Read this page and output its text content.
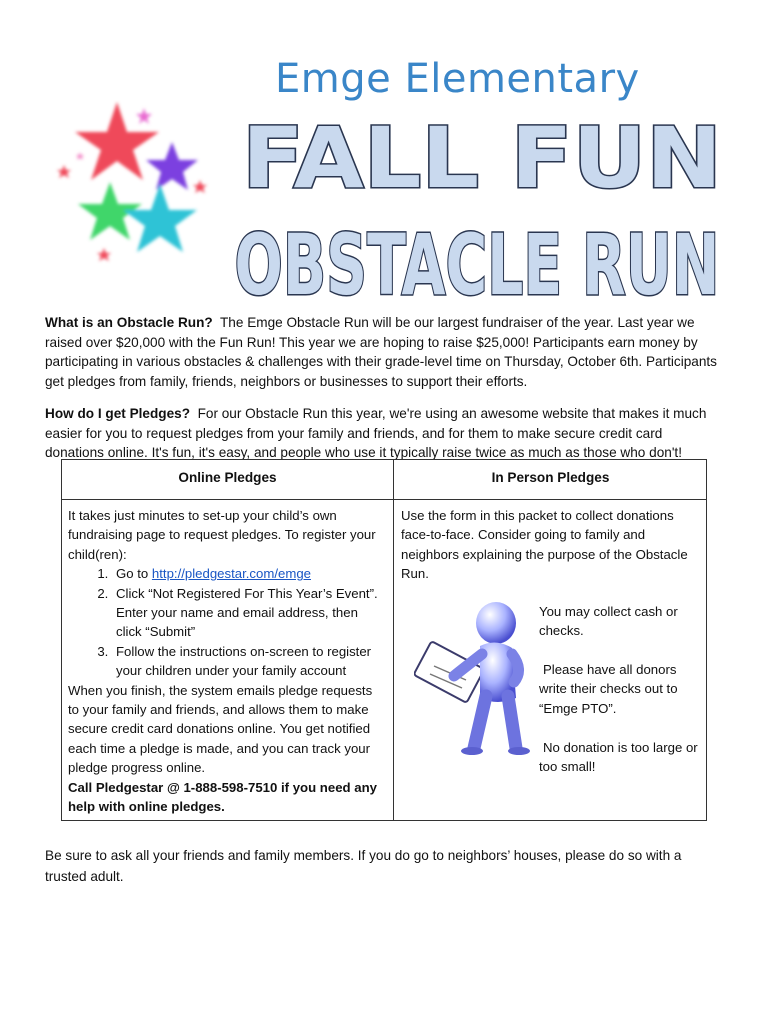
Emge Elementary
FALL FUN
OBSTACLE RUN
What is an Obstacle Run? The Emge Obstacle Run will be our largest fundraiser of the year. Last year we raised over $20,000 with the Fun Run! This year we are hoping to raise $25,000! Participants earn money by participating in various obstacles & challenges with their grade-level time on Thursday, October 6th. Participants get pledges from family, friends, neighbors or businesses to support their efforts.
How do I get Pledges? For our Obstacle Run this year, we're using an awesome website that makes it much easier for you to request pledges from your family and friends, and for them to make secure credit card donations online. It's fun, it's easy, and people who use it typically raise twice as much as those who don't!
Online Pledges	In Person Pledges
It takes just minutes to set-up your child’s own fundraising page to request pledges. To register your child(ren):
1. Go to http://pledgestar.com/emge
2. Click “Not Registered For This Year’s Event”. Enter your name and email address, then click “Submit”
3. Follow the instructions on-screen to register your children under your family account
When you finish, the system emails pledge requests to your family and friends, and allows them to make secure credit card donations online. You get notified each time a pledge is made, and you can track your pledge progress online.
Call Pledgestar @ 1-888-598-7510 if you need any help with online pledges.
Use the form in this packet to collect donations face-to-face. Consider going to family and neighbors explaining the purpose of the Obstacle Run.
You may collect cash or checks.
Please have all donors write their checks out to “Emge PTO”.
No donation is too large or too small!
Be sure to ask all your friends and family members. If you do go to neighbors’ houses, please do so with a trusted adult.
